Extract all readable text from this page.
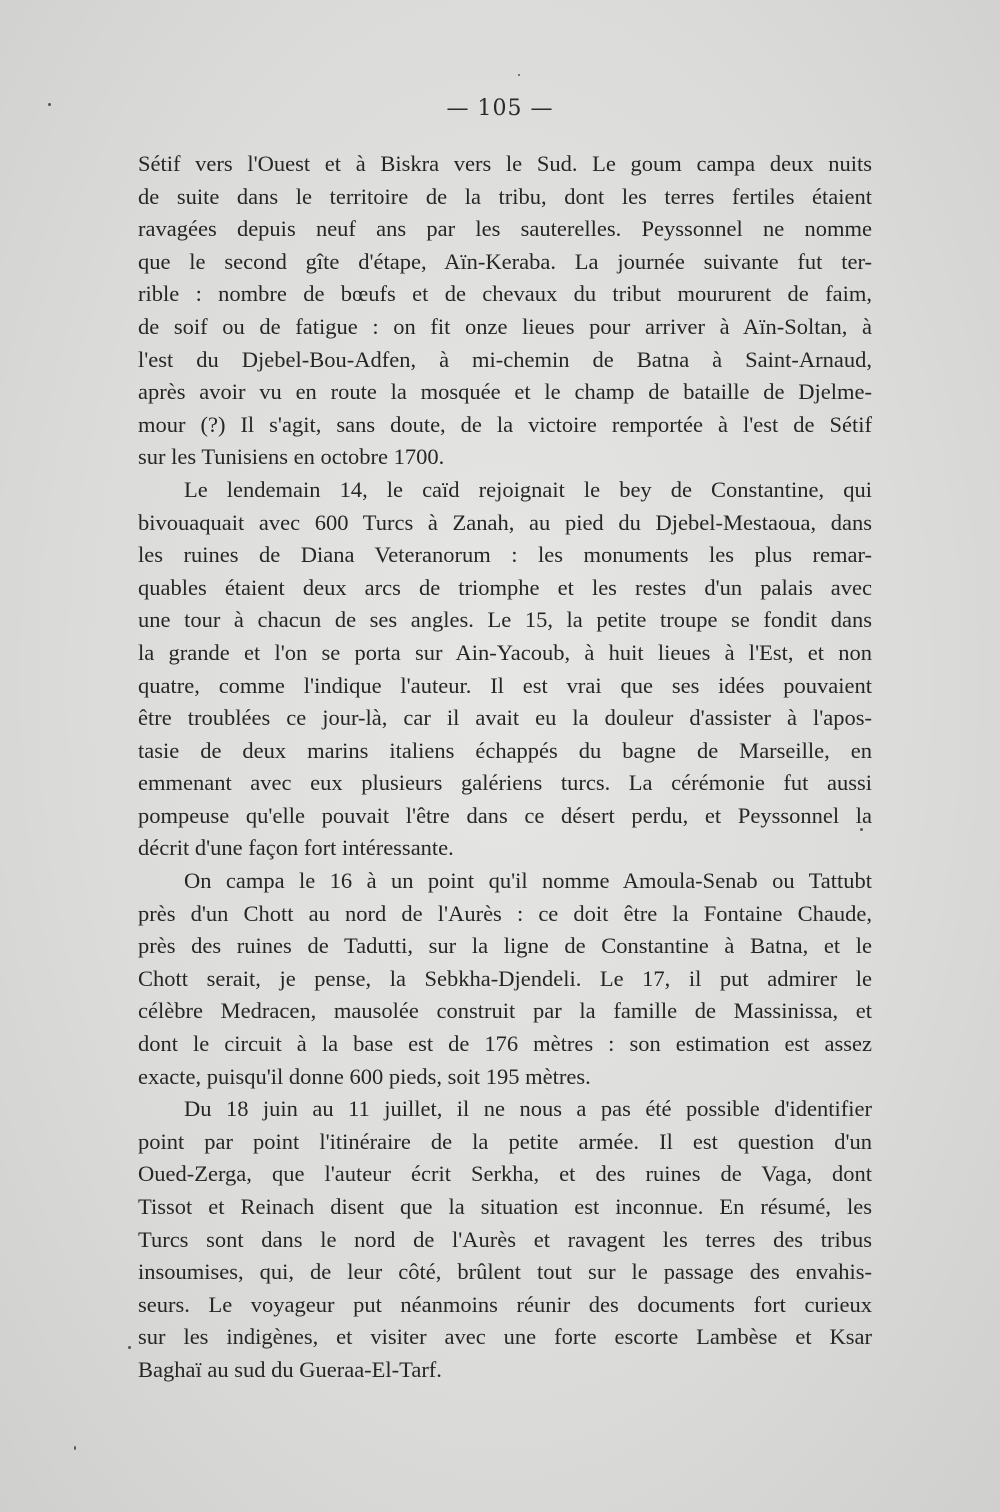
— 105 —
Sétif vers l'Ouest et à Biskra vers le Sud. Le goum campa deux nuits
de suite dans le territoire de la tribu, dont les terres fertiles étaient
ravagées depuis neuf ans par les sauterelles. Peyssonnel ne nomme
que le second gîte d'étape, Aïn-Keraba. La journée suivante fut ter-
rible : nombre de bœufs et de chevaux du tribut moururent de faim,
de soif ou de fatigue : on fit onze lieues pour arriver à Aïn-Soltan, à
l'est du Djebel-Bou-Adfen, à mi-chemin de Batna à Saint-Arnaud,
après avoir vu en route la mosquée et le champ de bataille de Djelme-
mour (?) Il s'agit, sans doute, de la victoire remportée à l'est de Sétif
sur les Tunisiens en octobre 1700.
Le lendemain 14, le caïd rejoignait le bey de Constantine, qui
bivouaquait avec 600 Turcs à Zanah, au pied du Djebel-Mestaoua, dans
les ruines de Diana Veteranorum : les monuments les plus remar-
quables étaient deux arcs de triomphe et les restes d'un palais avec
une tour à chacun de ses angles. Le 15, la petite troupe se fondit dans
la grande et l'on se porta sur Ain-Yacoub, à huit lieues à l'Est, et non
quatre, comme l'indique l'auteur. Il est vrai que ses idées pouvaient
être troublées ce jour-là, car il avait eu la douleur d'assister à l'apos-
tasie de deux marins italiens échappés du bagne de Marseille, en
emmenant avec eux plusieurs galériens turcs. La cérémonie fut aussi
pompeuse qu'elle pouvait l'être dans ce désert perdu, et Peyssonnel la
décrit d'une façon fort intéressante.
On campa le 16 à un point qu'il nomme Amoula-Senab ou Tattubt
près d'un Chott au nord de l'Aurès : ce doit être la Fontaine Chaude,
près des ruines de Tadutti, sur la ligne de Constantine à Batna, et le
Chott serait, je pense, la Sebkha-Djendeli. Le 17, il put admirer le
célèbre Medracen, mausolée construit par la famille de Massinissa, et
dont le circuit à la base est de 176 mètres : son estimation est assez
exacte, puisqu'il donne 600 pieds, soit 195 mètres.
Du 18 juin au 11 juillet, il ne nous a pas été possible d'identifier
point par point l'itinéraire de la petite armée. Il est question d'un
Oued-Zerga, que l'auteur écrit Serkha, et des ruines de Vaga, dont
Tissot et Reinach disent que la situation est inconnue. En résumé, les
Turcs sont dans le nord de l'Aurès et ravagent les terres des tribus
insoumises, qui, de leur côté, brûlent tout sur le passage des envahis-
seurs. Le voyageur put néanmoins réunir des documents fort curieux
sur les indigènes, et visiter avec une forte escorte Lambèse et Ksar
Baghaï au sud du Gueraa-El-Tarf.
